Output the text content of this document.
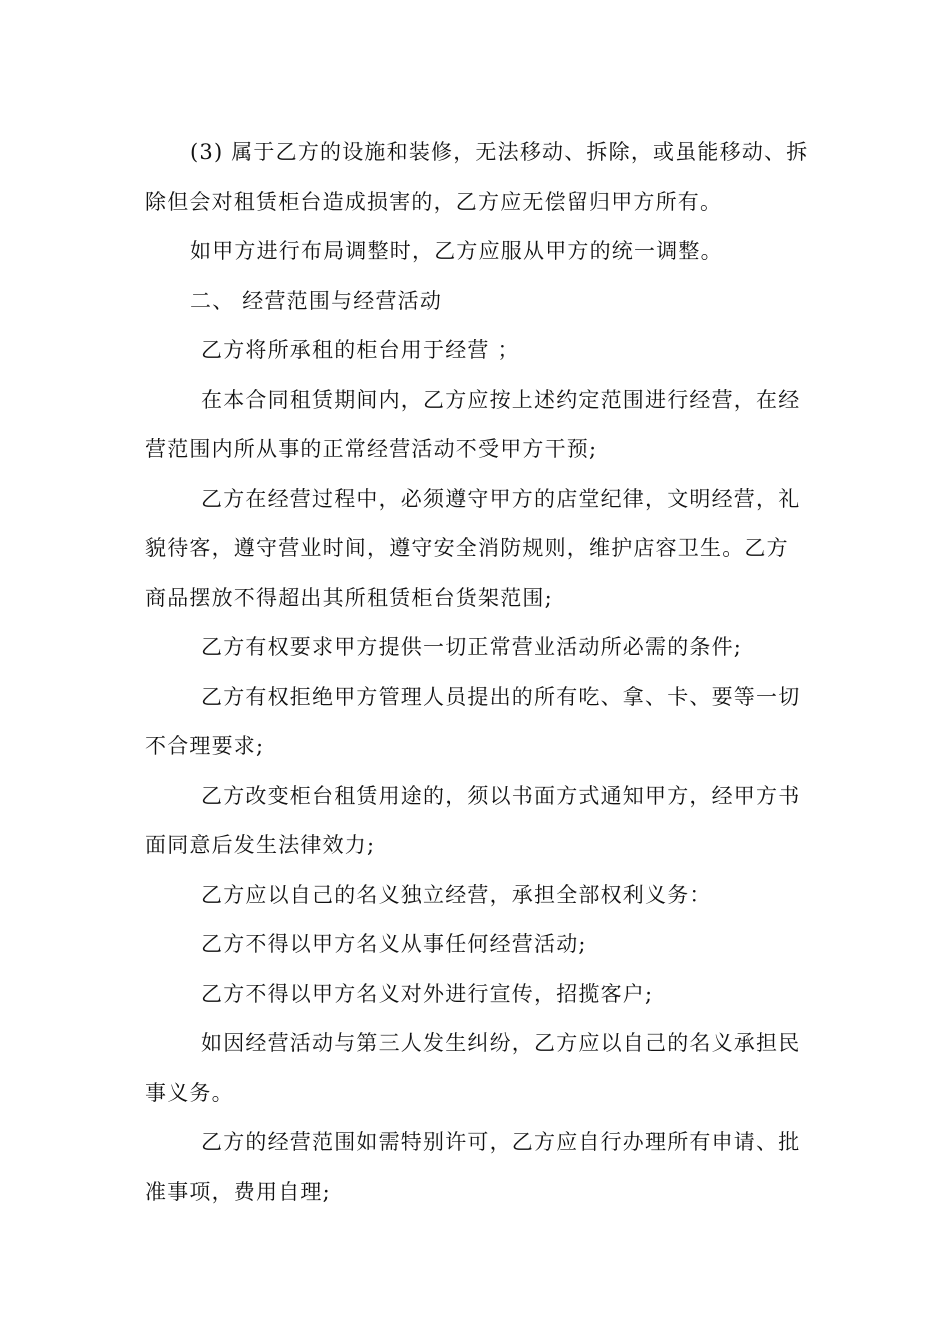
(3) 属于乙方的设施和装修，无法移动、拆除，或虽能移动、拆除但会对租赁柜台造成损害的，乙方应无偿留归甲方所有。

如甲方进行布局调整时，乙方应服从甲方的统一调整。

二、 经营范围与经营活动

乙方将所承租的柜台用于经营 ；

在本合同租赁期间内，乙方应按上述约定范围进行经营，在经营范围内所从事的正常经营活动不受甲方干预;

乙方在经营过程中，必须遵守甲方的店堂纪律，文明经营，礼貌待客，遵守营业时间，遵守安全消防规则，维护店容卫生。乙方商品摆放不得超出其所租赁柜台货架范围;

乙方有权要求甲方提供一切正常营业活动所必需的条件;

乙方有权拒绝甲方管理人员提出的所有吃、拿、卡、要等一切不合理要求;

乙方改变柜台租赁用途的，须以书面方式通知甲方，经甲方书面同意后发生法律效力;

乙方应以自己的名义独立经营，承担全部权利义务：

乙方不得以甲方名义从事任何经营活动;

乙方不得以甲方名义对外进行宣传，招揽客户;

如因经营活动与第三人发生纠纷，乙方应以自己的名义承担民事义务。

乙方的经营范围如需特别许可，乙方应自行办理所有申请、批准事项，费用自理;
